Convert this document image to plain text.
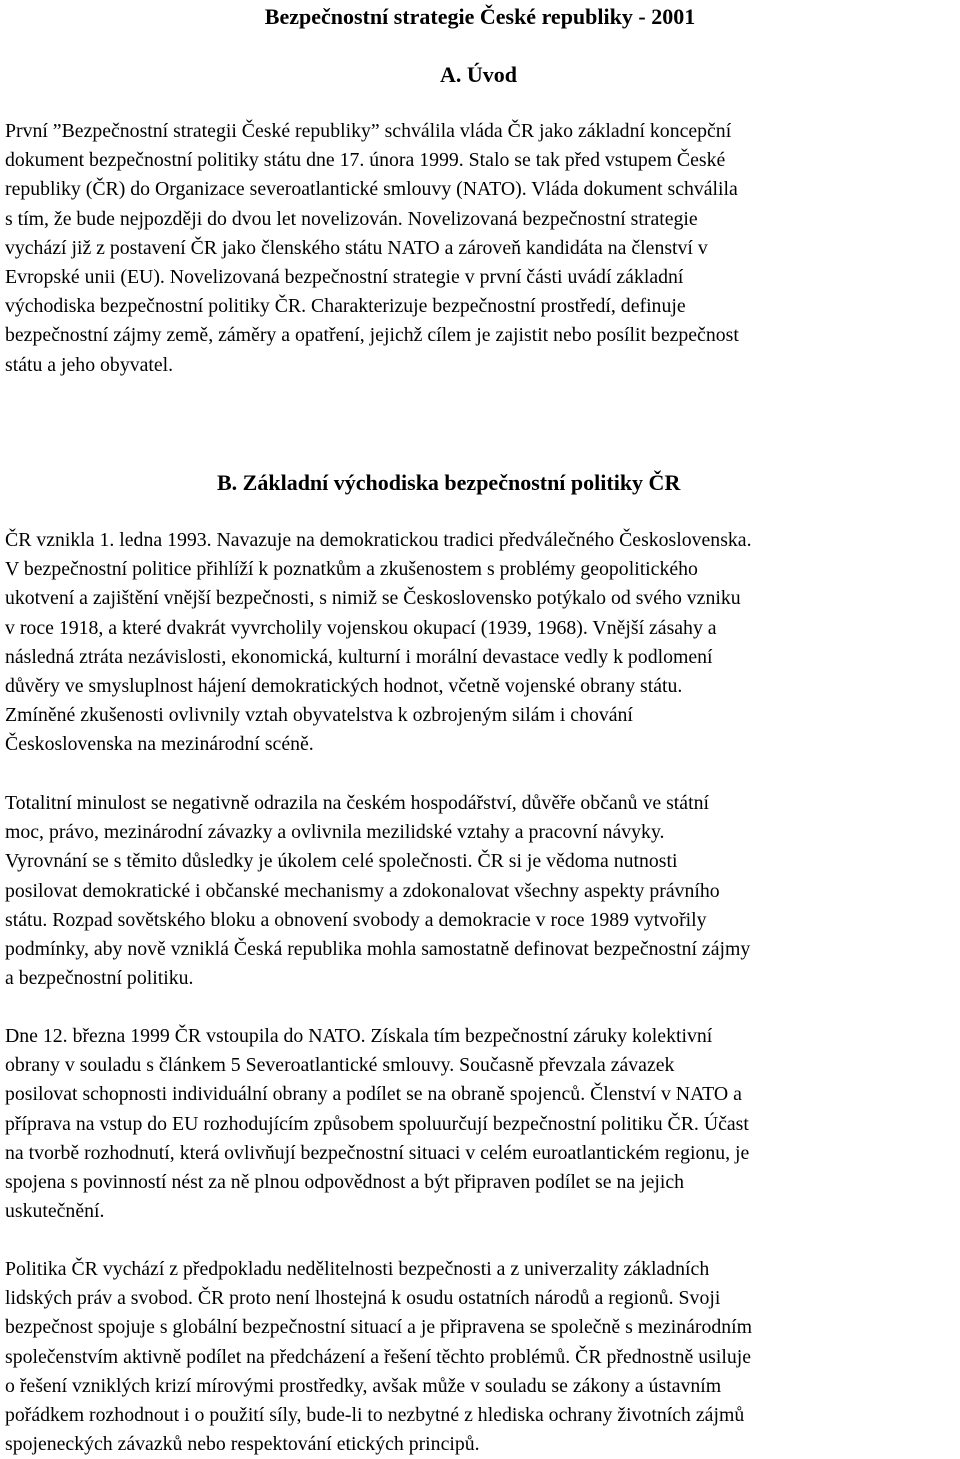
Bezpečnostní strategie České republiky - 2001
A. Úvod

První ”Bezpečnostní strategii České republiky” schválila vláda ČR jako základní koncepční
dokument bezpečnostní politiky státu dne 17. února 1999. Stalo se tak před vstupem České
republiky (ČR) do Organizace severoatlantické smlouvy (NATO). Vláda dokument schválila
s tím, že bude nejpozději do dvou let novelizován. Novelizovaná bezpečnostní strategie
vychází již z postavení ČR jako členského státu NATO a zároveň kandidáta na členství v
Evropské unii (EU). Novelizovaná bezpečnostní strategie v první části uvádí základní
východiska bezpečnostní politiky ČR. Charakterizuje bezpečnostní prostředí, definuje
bezpečnostní zájmy země, záměry a opatření, jejichž cílem je zajistit nebo posílit bezpečnost
státu a jeho obyvatel.

B. Základní východiska bezpečnostní politiky ČR

ČR vznikla 1. ledna 1993. Navazuje na demokratickou tradici předválečného Československa.
V bezpečnostní politice přihlíží k poznatkům a zkušenostem s problémy geopolitického
ukotvení a zajištění vnější bezpečnosti, s nimiž se Československo potýkalo od svého vzniku
v roce 1918, a které dvakrát vyvrcholily vojenskou okupací (1939, 1968). Vnější zásahy a
následná ztráta nezávislosti, ekonomická, kulturní i morální devastace vedly k podlomení
důvěry ve smysluplnost hájení demokratických hodnot, včetně vojenské obrany státu.
Zmíněné zkušenosti ovlivnily vztah obyvatelstva k ozbrojeným silám i chování
Československa na mezinárodní scéně.

Totalitní minulost se negativně odrazila na českém hospodářství, důvěře občanů ve státní
moc, právo, mezinárodní závazky a ovlivnila mezilidské vztahy a pracovní návyky.
Vyrovnání se s těmito důsledky je úkolem celé společnosti. ČR si je vědoma nutnosti
posilovat demokratické i občanské mechanismy a zdokonalovat všechny aspekty právního
státu. Rozpad sovětského bloku a obnovení svobody a demokracie v roce 1989 vytvořily
podmínky, aby nově vzniklá Česká republika mohla samostatně definovat bezpečnostní zájmy
a bezpečnostní politiku.

Dne 12. března 1999 ČR vstoupila do NATO. Získala tím bezpečnostní záruky kolektivní
obrany v souladu s článkem 5 Severoatlantické smlouvy. Současně převzala závazek
posilovat schopnosti individuální obrany a podílet se na obraně spojenců. Členství v NATO a
příprava na vstup do EU rozhodujícím způsobem spoluurčují bezpečnostní politiku ČR. Účast
na tvorbě rozhodnutí, která ovlivňují bezpečnostní situaci v celém euroatlantickém regionu, je
spojena s povinností nést za ně plnou odpovědnost a být připraven podílet se na jejich
uskutečnění.

Politika ČR vychází z předpokladu nedělitelnosti bezpečnosti a z univerzality základních
lidských práv a svobod. ČR proto není lhostejná k osudu ostatních národů a regionů. Svoji
bezpečnost spojuje s globální bezpečnostní situací a je připravena se společně s mezinárodním
společenstvím aktivně podílet na předcházení a řešení těchto problémů. ČR přednostně usiluje
o řešení vzniklých krizí mírovými prostředky, avšak může v souladu se zákony a ústavním
pořádkem rozhodnout i o použití síly, bude-li to nezbytné z hlediska ochrany životních zájmů
spojeneckých závazků nebo respektování etických principů.
